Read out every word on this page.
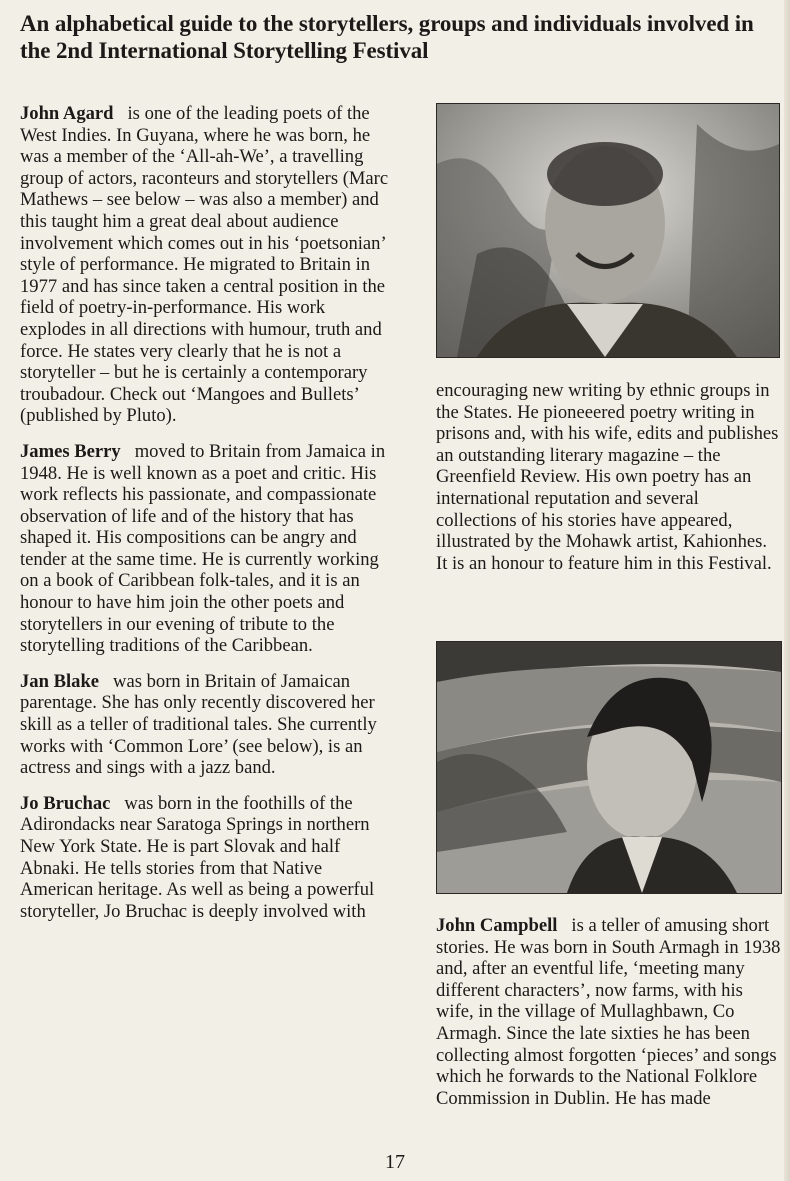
An alphabetical guide to the storytellers, groups and individuals involved in the 2nd International Storytelling Festival

John Agard is one of the leading poets of the West Indies. In Guyana, where he was born, he was a member of the ‘All-ah-We’, a travelling group of actors, raconteurs and storytellers (Marc Mathews – see below – was also a member) and this taught him a great deal about audience involvement which comes out in his ‘poetsonian’ style of performance. He migrated to Britain in 1977 and has since taken a central position in the field of poetry-in-performance. His work explodes in all directions with humour, truth and force. He states very clearly that he is not a storyteller – but he is certainly a contemporary troubadour. Check out ‘Mangoes and Bullets’ (published by Pluto).

James Berry moved to Britain from Jamaica in 1948. He is well known as a poet and critic. His work reflects his passionate, and compassionate observation of life and of the history that has shaped it. His compositions can be angry and tender at the same time. He is currently working on a book of Caribbean folk-tales, and it is an honour to have him join the other poets and storytellers in our evening of tribute to the storytelling traditions of the Caribbean.

Jan Blake was born in Britain of Jamaican parentage. She has only recently discovered her skill as a teller of traditional tales. She currently works with ‘Common Lore’ (see below), is an actress and sings with a jazz band.

Jo Bruchac was born in the foothills of the Adirondacks near Saratoga Springs in northern New York State. He is part Slovak and half Abnaki. He tells stories from that Native American heritage. As well as being a powerful storyteller, Jo Bruchac is deeply involved with

encouraging new writing by ethnic groups in the States. He pioneeered poetry writing in prisons and, with his wife, edits and publishes an outstanding literary magazine – the Greenfield Review. His own poetry has an international reputation and several collections of his stories have appeared, illustrated by the Mohawk artist, Kahionhes. It is an honour to feature him in this Festival.

John Campbell is a teller of amusing short stories. He was born in South Armagh in 1938 and, after an eventful life, ‘meeting many different characters’, now farms, with his wife, in the village of Mullaghbawn, Co Armagh. Since the late sixties he has been collecting almost forgotten ‘pieces’ and songs which he forwards to the National Folklore Commission in Dublin. He has made

17
